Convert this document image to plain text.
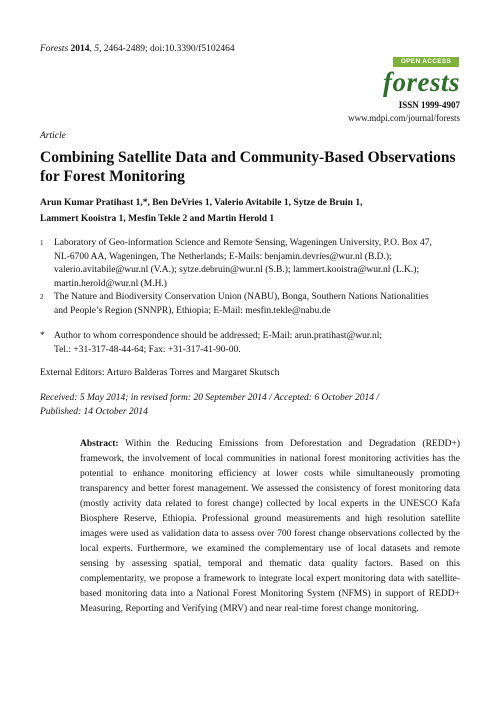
Forests 2014, 5, 2464-2489; doi:10.3390/f5102464
OPEN ACCESS
forests
ISSN 1999-4907
www.mdpi.com/journal/forests
Article
Combining Satellite Data and Community-Based Observations
for Forest Monitoring
Arun Kumar Pratihast 1,*, Ben DeVries 1, Valerio Avitabile 1, Sytze de Bruin 1,
Lammert Kooistra 1, Mesfin Tekle 2 and Martin Herold 1
1 Laboratory of Geo-information Science and Remote Sensing, Wageningen University, P.O. Box 47,
NL-6700 AA, Wageningen, The Netherlands; E-Mails: benjamin.devries@wur.nl (B.D.);
valerio.avitabile@wur.nl (V.A.); sytze.debruin@wur.nl (S.B.); lammert.kooistra@wur.nl (L.K.);
martin.herold@wur.nl (M.H.)
2 The Nature and Biodiversity Conservation Union (NABU), Bonga, Southern Nations Nationalities
and People’s Region (SNNPR), Ethiopia; E-Mail: mesfin.tekle@nabu.de
* Author to whom correspondence should be addressed; E-Mail: arun.pratihast@wur.nl;
Tel.: +31-317-48-44-64; Fax: +31-317-41-90-00.
External Editors: Arturo Balderas Torres and Margaret Skutsch
Received: 5 May 2014; in revised form: 20 September 2014 / Accepted: 6 October 2014 /
Published: 14 October 2014
Abstract: Within the Reducing Emissions from Deforestation and Degradation (REDD+) framework, the involvement of local communities in national forest monitoring activities has the potential to enhance monitoring efficiency at lower costs while simultaneously promoting transparency and better forest management. We assessed the consistency of forest monitoring data (mostly activity data related to forest change) collected by local experts in the UNESCO Kafa Biosphere Reserve, Ethiopia. Professional ground measurements and high resolution satellite images were used as validation data to assess over 700 forest change observations collected by the local experts. Furthermore, we examined the complementary use of local datasets and remote sensing by assessing spatial, temporal and thematic data quality factors. Based on this complementarity, we propose a framework to integrate local expert monitoring data with satellite-based monitoring data into a National Forest Monitoring System (NFMS) in support of REDD+ Measuring, Reporting and Verifying (MRV) and near real-time forest change monitoring.
